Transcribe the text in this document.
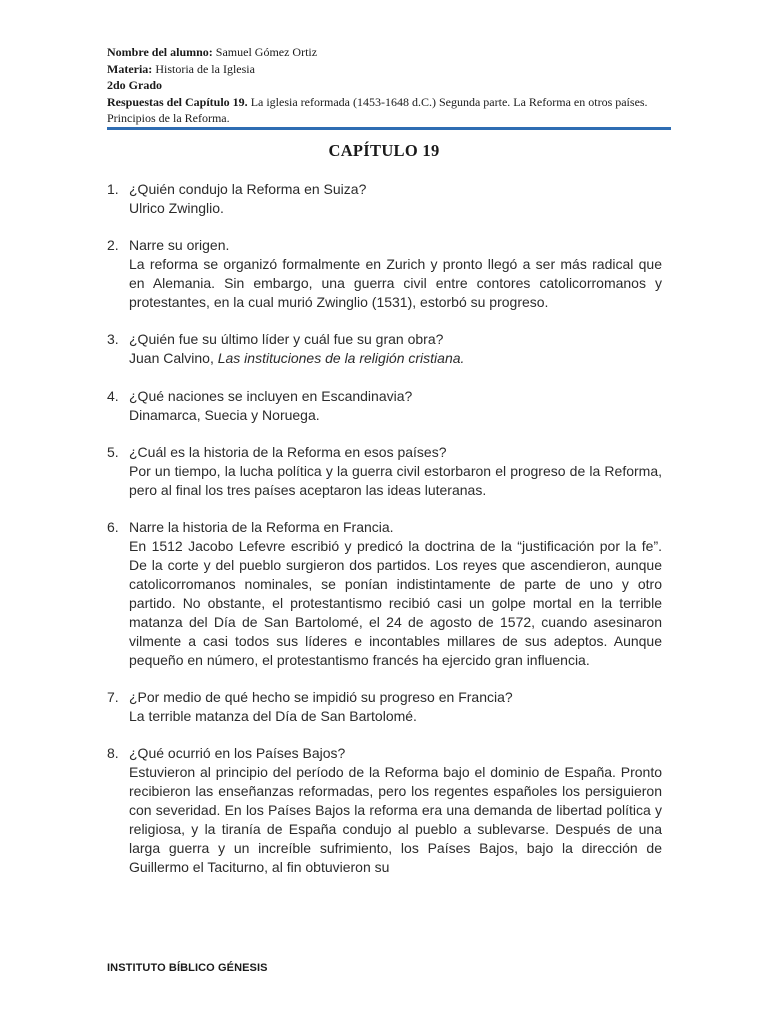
Nombre del alumno: Samuel Gómez Ortiz

Materia: Historia de la Iglesia

2do Grado

Respuestas del Capítulo 19. La iglesia reformada (1453-1648 d.C.) Segunda parte. La Reforma en otros países. Principios de la Reforma.

CAPÍTULO 19
1. ¿Quién condujo la Reforma en Suiza?
Ulrico Zwinglio.
2. Narre su origen.
La reforma se organizó formalmente en Zurich y pronto llegó a ser más radical que en Alemania. Sin embargo, una guerra civil entre contores catolicorromanos y protestantes, en la cual murió Zwinglio (1531), estorbó su progreso.
3. ¿Quién fue su último líder y cuál fue su gran obra?
Juan Calvino, Las instituciones de la religión cristiana.
4. ¿Qué naciones se incluyen en Escandinavia?
Dinamarca, Suecia y Noruega.
5. ¿Cuál es la historia de la Reforma en esos países?
Por un tiempo, la lucha política y la guerra civil estorbaron el progreso de la Reforma, pero al final los tres países aceptaron las ideas luteranas.
6. Narre la historia de la Reforma en Francia.
En 1512 Jacobo Lefevre escribió y predicó la doctrina de la “justificación por la fe”. De la corte y del pueblo surgieron dos partidos. Los reyes que ascendieron, aunque catolicorromanos nominales, se ponían indistintamente de parte de uno y otro partido. No obstante, el protestantismo recibió casi un golpe mortal en la terrible matanza del Día de San Bartolomé, el 24 de agosto de 1572, cuando asesinaron vilmente a casi todos sus líderes e incontables millares de sus adeptos. Aunque pequeño en número, el protestantismo francés ha ejercido gran influencia.
7. ¿Por medio de qué hecho se impidió su progreso en Francia?
La terrible matanza del Día de San Bartolomé.
8. ¿Qué ocurrió en los Países Bajos?
Estuvieron al principio del período de la Reforma bajo el dominio de España. Pronto recibieron las enseñanzas reformadas, pero los regentes españoles los persiguieron con severidad. En los Países Bajos la reforma era una demanda de libertad política y religiosa, y la tiranía de España condujo al pueblo a sublevarse. Después de una larga guerra y un increíble sufrimiento, los Países Bajos, bajo la dirección de Guillermo el Taciturno, al fin obtuvieron su
INSTITUTO BÍBLICO GÉNESIS
